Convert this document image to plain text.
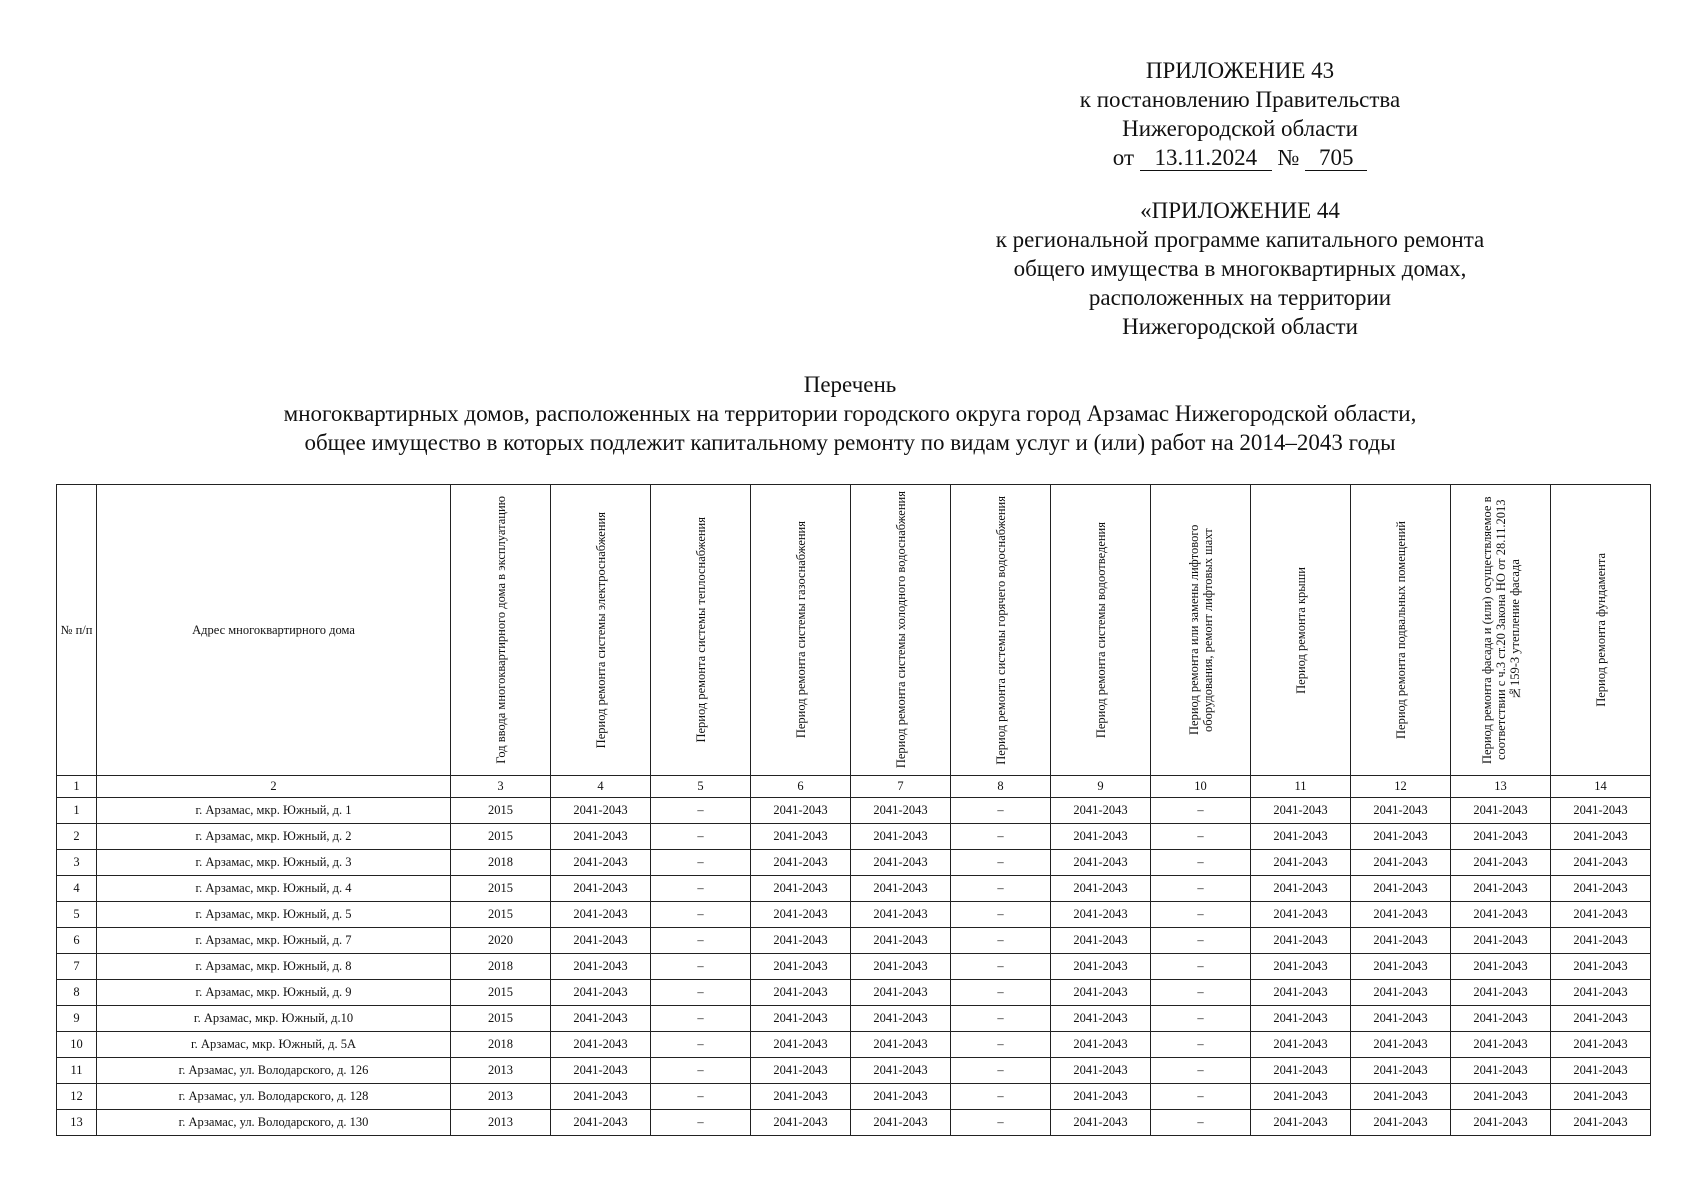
ПРИЛОЖЕНИЕ 43
к постановлению Правительства
Нижегородской области
от 13.11.2024 № 705
«ПРИЛОЖЕНИЕ 44
к региональной программе капитального ремонта
общего имущества в многоквартирных домах,
расположенных на территории
Нижегородской области
Перечень
многоквартирных домов, расположенных на территории городского округа город Арзамас Нижегородской области,
общее имущество в которых подлежит капитальному ремонту по видам услуг и (или) работ на 2014–2043 годы
№ п/п	Адрес многоквартирного дома	Год ввода многоквартирного дома в эксплуатацию	Период ремонта системы электроснабжения	Период ремонта системы теплоснабжения	Период ремонта системы газоснабжения	Период ремонта системы холодного водоснабжения	Период ремонта системы горячего водоснабжения	Период ремонта системы водоотведения	Период ремонта или замены лифтового оборудования, ремонт лифтовых шахт	Период ремонта крыши	Период ремонта подвальных помещений	Период ремонта фасада и (или) осуществляемое в соответствии с ч.3 ст.20 Закона НО от 28.11.2013 №159-З утепление фасада	Период ремонта фундамента

1	2	3	4	5	6	7	8	9	10	11	12	13	14
1	г. Арзамас, мкр. Южный, д. 1	2015	2041-2043	–	2041-2043	2041-2043	–	2041-2043	–	2041-2043	2041-2043	2041-2043	2041-2043
2	г. Арзамас, мкр. Южный, д. 2	2015	2041-2043	–	2041-2043	2041-2043	–	2041-2043	–	2041-2043	2041-2043	2041-2043	2041-2043
3	г. Арзамас, мкр. Южный, д. 3	2018	2041-2043	–	2041-2043	2041-2043	–	2041-2043	–	2041-2043	2041-2043	2041-2043	2041-2043
4	г. Арзамас, мкр. Южный, д. 4	2015	2041-2043	–	2041-2043	2041-2043	–	2041-2043	–	2041-2043	2041-2043	2041-2043	2041-2043
5	г. Арзамас, мкр. Южный, д. 5	2015	2041-2043	–	2041-2043	2041-2043	–	2041-2043	–	2041-2043	2041-2043	2041-2043	2041-2043
6	г. Арзамас, мкр. Южный, д. 7	2020	2041-2043	–	2041-2043	2041-2043	–	2041-2043	–	2041-2043	2041-2043	2041-2043	2041-2043
7	г. Арзамас, мкр. Южный, д. 8	2018	2041-2043	–	2041-2043	2041-2043	–	2041-2043	–	2041-2043	2041-2043	2041-2043	2041-2043
8	г. Арзамас, мкр. Южный, д. 9	2015	2041-2043	–	2041-2043	2041-2043	–	2041-2043	–	2041-2043	2041-2043	2041-2043	2041-2043
9	г. Арзамас, мкр. Южный, д.10	2015	2041-2043	–	2041-2043	2041-2043	–	2041-2043	–	2041-2043	2041-2043	2041-2043	2041-2043
10	г. Арзамас, мкр. Южный, д. 5А	2018	2041-2043	–	2041-2043	2041-2043	–	2041-2043	–	2041-2043	2041-2043	2041-2043	2041-2043
11	г. Арзамас, ул. Володарского, д. 126	2013	2041-2043	–	2041-2043	2041-2043	–	2041-2043	–	2041-2043	2041-2043	2041-2043	2041-2043
12	г. Арзамас, ул. Володарского, д. 128	2013	2041-2043	–	2041-2043	2041-2043	–	2041-2043	–	2041-2043	2041-2043	2041-2043	2041-2043
13	г. Арзамас, ул. Володарского, д. 130	2013	2041-2043	–	2041-2043	2041-2043	–	2041-2043	–	2041-2043	2041-2043	2041-2043	2041-2043
